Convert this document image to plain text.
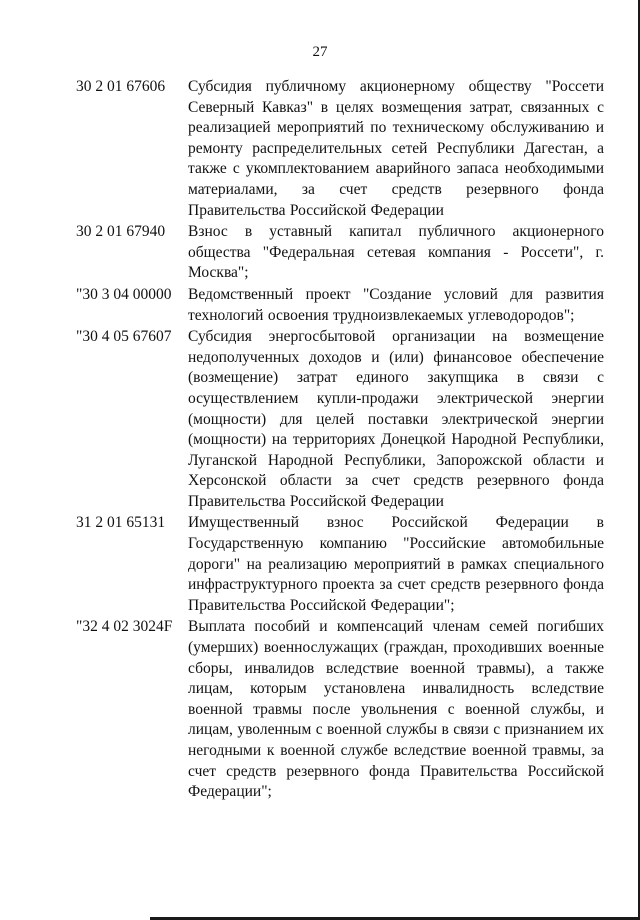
27
30 2 01 67606	Субсидия публичному акционерному обществу "Россети Северный Кавказ" в целях возмещения затрат, связанных с реализацией мероприятий по техническому обслуживанию и ремонту распределительных сетей Республики Дагестан, а также с укомплектованием аварийного запаса необходимыми материалами, за счет средств резервного фонда Правительства Российской Федерации
30 2 01 67940	Взнос в уставный капитал публичного акционерного общества "Федеральная сетевая компания - Россети", г. Москва";
"30 3 04 00000	Ведомственный проект "Создание условий для развития технологий освоения трудноизвлекаемых углеводородов";
"30 4 05 67607	Субсидия энергосбытовой организации на возмещение недополученных доходов и (или) финансовое обеспечение (возмещение) затрат единого закупщика в связи с осуществлением купли-продажи электрической энергии (мощности) для целей поставки электрической энергии (мощности) на территориях Донецкой Народной Республики, Луганской Народной Республики, Запорожской области и Херсонской области за счет средств резервного фонда Правительства Российской Федерации
31 2 01 65131	Имущественный взнос Российской Федерации в Государственную компанию "Российские автомобильные дороги" на реализацию мероприятий в рамках специального инфраструктурного проекта за счет средств резервного фонда Правительства Российской Федерации";
"32 4 02 3024F	Выплата пособий и компенсаций членам семей погибших (умерших) военнослужащих (граждан, проходивших военные сборы, инвалидов вследствие военной травмы), а также лицам, которым установлена инвалидность вследствие военной травмы после увольнения с военной службы, и лицам, уволенным с военной службы в связи с признанием их негодными к военной службе вследствие военной травмы, за счет средств резервного фонда Правительства Российской Федерации";
